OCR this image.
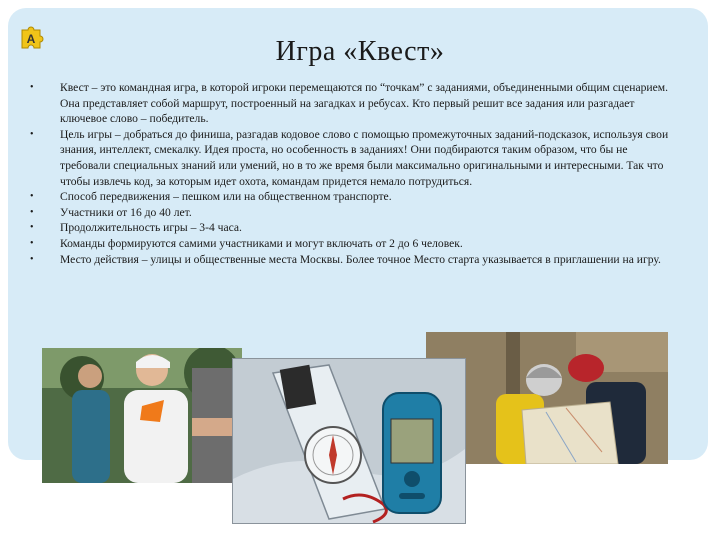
А	Игра «Квест»
• Квест – это командная игра, в которой игроки перемещаются по “точкам” с заданиями, объединенными общим сценарием. Она представляет собой маршрут, построенный на загадках и ребусах. Кто первый решит все задания или разгадает ключевое слово – победитель.
• Цель игры – добраться до финиша, разгадав кодовое слово с помощью промежуточных заданий-подсказок, используя свои знания, интеллект, смекалку. Идея проста, но особенность в заданиях! Они подбираются таким образом, что бы не требовали специальных знаний или умений, но в то же время были максимально оригинальными и интересными. Так что чтобы извлечь код, за которым идет охота, командам придется немало потрудиться.
• Способ передвижения – пешком или на общественном транспорте.
• Участники от 16 до 40 лет.
• Продолжительность игры – 3-4 часа.
• Команды формируются самими участниками и могут включать от 2 до 6 человек.
• Место действия – улицы и общественные места Москвы. Более точное Место старта указывается в приглашении на игру.
